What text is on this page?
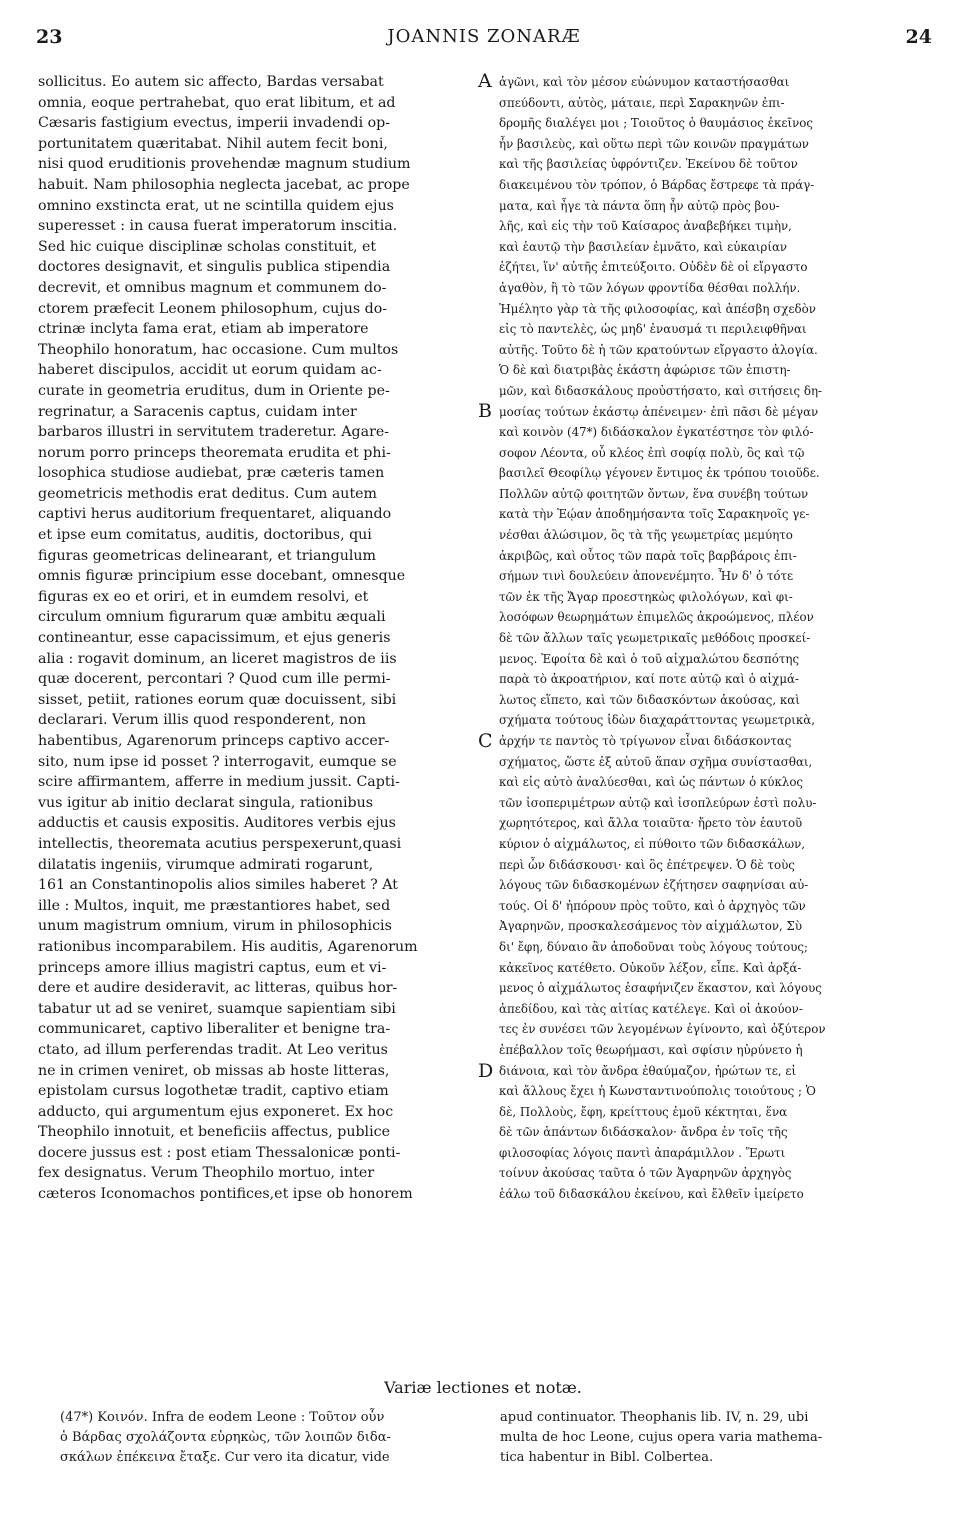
23	JOANNIS ZONARÆ	24
sollicitus. Eo autem sic affecto, Bardas versabat
omnia, eoque pertrahebat, quo erat libitum, et ad
Cæsaris fastigium evectus, imperii invadendi op-
portunitatem quæritabat. Nihil autem fecit boni,
nisi quod eruditionis provehendæ magnum studium
habuit. Nam philosophia neglecta jacebat, ac prope
omnino exstincta erat, ut ne scintilla quidem ejus
superesset : in causa fuerat imperatorum inscitia.
Sed hic cuique disciplinæ scholas constituit, et
doctores designavit, et singulis publica stipendia
decrevit, et omnibus magnum et communem do-
ctorem præfecit Leonem philosophum, cujus do-
ctrinæ inclyta fama erat, etiam ab imperatore
Theophilo honoratum, hac occasione. Cum multos
haberet discipulos, accidit ut eorum quidam ac-
curate in geometria eruditus, dum in Oriente pe-
regrinatur, a Saracenis captus, cuidam inter
barbaros illustri in servitutem traderetur. Agare-
norum porro princeps theoremata erudita et phi-
losophica studiose audiebat, præ cæteris tamen
geometricis methodis erat deditus. Cum autem
captivi herus auditorium frequentaret, aliquando
et ipse eum comitatus, auditis, doctoribus, qui
figuras geometricas delinearant, et triangulum
omnis figuræ principium esse docebant, omnesque
figuras ex eo et oriri, et in eumdem resolvi, et
circulum omnium figurarum quæ ambitu æquali
contineantur, esse capacissimum, et ejus generis
alia : rogavit dominum, an liceret magistros de iis
quæ docerent, percontari ? Quod cum ille permi-
sisset, petiit, rationes eorum quæ docuissent, sibi
declarari. Verum illis quod responderent, non
habentibus, Agarenorum princeps captivo accer-
sito, num ipse id posset ? interrogavit, eumque se
scire affirmantem, afferre in medium jussit. Capti-
vus igitur ab initio declarat singula, rationibus
adductis et causis expositis. Auditores verbis ejus
intellectis, theoremata acutius perspexerunt,quasi
dilatatis ingeniis, virumque admirati rogarunt,
161 an Constantinopolis alios similes haberet ? At
ille : Multos, inquit, me præstantiores habet, sed
unum magistrum omnium, virum in philosophicis
rationibus incomparabilem. His auditis, Agarenorum
princeps amore illius magistri captus, eum et vi-
dere et audire desideravit, ac litteras, quibus hor-
tabatur ut ad se veniret, suamque sapientiam sibi
communicaret, captivo liberaliter et benigne tra-
ctato, ad illum perferendas tradit. At Leo veritus
ne in crimen veniret, ob missas ab hoste litteras,
epistolam cursus logothetæ tradit, captivo etiam
adducto, qui argumentum ejus exponeret. Ex hoc
Theophilo innotuit, et beneficiis affectus, publice
docere jussus est : post etiam Thessalonicæ ponti-
fex designatus. Verum Theophilo mortuo, inter
cæteros Iconomachos pontifices,et ipse ob honorem
ἀγῶνι, καὶ τὸν μέσον εὐώνυμον καταστήσασθαι
σπεύδοντι, αὐτὸς, μάταιε, περὶ Σαρακηνῶν ἐπι-
δρομῆς διαλέγει μοι ; Τοιοῦτος ὁ θαυμάσιος ἐκεῖνος
ἦν βασιλεὺς, καὶ οὕτω περὶ τῶν κοινῶν πραγμάτων
καὶ τῆς βασιλείας ὑφρόντιζεν. Ἐκείνου δὲ τοῦτον
διακειμένου τὸν τρόπον, ὁ Βάρδας ἔστρεφε τὰ πράγ-
ματα, καὶ ἦγε τὰ πάντα ὅπη ἦν αὐτῷ πρὸς βου-
λῆς, καὶ εἰς τὴν τοῦ Καίσαρος ἀναβεβήκει τιμὴν,
καὶ ἑαυτῷ τὴν βασιλείαν ἐμνᾶτο, καὶ εὐκαιρίαν
ἐζήτει, ἵν' αὐτῆς ἐπιτεύξοιτο. Οὐδὲν δὲ οἱ εἴργαστο
ἀγαθὸν, ἢ τὸ τῶν λόγων φροντίδα θέσθαι πολλήν.
Ἠμέλητο γὰρ τὰ τῆς φιλοσοφίας, καὶ ἀπέσβη σχεδὸν
εἰς τὸ παντελὲς, ὡς μηδ' ἐναυσμά τι περιλειφθῆναι
αὐτῆς. Τοῦτο δὲ ἡ τῶν κρατούντων εἴργαστο ἀλογία.
Ὁ δὲ καὶ διατριβὰς ἑκάστη ἀφώρισε τῶν ἐπιστη-
μῶν, καὶ διδασκάλους προὐστήσατο, καὶ σιτήσεις δη-
μοσίας τούτων ἑκάστῳ ἀπένειμεν· ἐπὶ πᾶσι δὲ μέγαν
καὶ κοινὸν (47*) διδάσκαλον ἐγκατέστησε τὸν φιλό-
σοφον Λέοντα, οὗ κλέος ἐπὶ σοφίᾳ πολὺ, ὃς καὶ τῷ
βασιλεῖ Θεοφίλῳ γέγονεν ἔντιμος ἐκ τρόπου τοιοῦδε.
Πολλῶν αὐτῷ φοιτητῶν ὄντων, ἕνα συνέβη τούτων
κατὰ τὴν Ἑῴαν ἀποδημήσαντα τοῖς Σαρακηνοῖς γε-
νέσθαι ἁλώσιμον, ὃς τὰ τῆς γεωμετρίας μεμύητο
ἀκριβῶς, καὶ οὗτος τῶν παρὰ τοῖς βαρβάροις ἐπι-
σήμων τινὶ δουλεύειν ἀπονενέμητο. Ἦν δ' ὁ τότε
τῶν ἐκ τῆς Ἄγαρ προεστηκὼς φιλολόγων, καὶ φι-
λοσόφων θεωρημάτων ἐπιμελῶς ἀκροώμενος, πλέον
δὲ τῶν ἄλλων ταῖς γεωμετρικαῖς μεθόδοις προσκεί-
μενος. Ἐφοίτα δὲ καὶ ὁ τοῦ αἰχμαλώτου δεσπότης
παρὰ τὸ ἀκροατήριον, καί ποτε αὐτῷ καὶ ὁ αἰχμά-
λωτος εἵπετο, καὶ τῶν διδασκόντων ἀκούσας, καὶ
σχήματα τούτους ἰδὼν διαχαράττοντας γεωμετρικὰ,
ἀρχήν τε παντὸς τὸ τρίγωνον εἶναι διδάσκοντας
σχήματος, ὥστε ἐξ αὐτοῦ ἅπαν σχῆμα συνίστασθαι,
καὶ εἰς αὐτὸ ἀναλύεσθαι, καὶ ὡς πάντων ὁ κύκλος
τῶν ἰσοπεριμέτρων αὐτῷ καὶ ἰσοπλεύρων ἐστὶ πολυ-
χωρητότερος, καὶ ἄλλα τοιαῦτα· ἤρετο τὸν ἑαυτοῦ
κύριον ὁ αἰχμάλωτος, εἰ πύθοιτο τῶν διδασκάλων,
περὶ ὧν διδάσκουσι· καὶ ὃς ἐπέτρεψεν. Ὁ δὲ τοὺς
λόγους τῶν διδασκομένων ἐζήτησεν σαφηνίσαι αὐ-
τούς. Οἱ δ' ἠπόρουν πρὸς τοῦτο, καὶ ὁ ἀρχηγὸς τῶν
Ἀγαρηνῶν, προσκαλεσάμενος τὸν αἰχμάλωτον, Σὺ
δι' ἔφη, δύναιο ἂν ἀποδοῦναι τοὺς λόγους τούτους;
κἀκεῖνος κατέθετο. Οὐκοῦν λέξον, εἶπε. Καὶ ἀρξά-
μενος ὁ αἰχμάλωτος ἐσαφήνιζεν ἕκαστον, καὶ λόγους
ἀπεδίδου, καὶ τὰς αἰτίας κατέλεγε. Καὶ οἱ ἀκούον-
τες ἐν συνέσει τῶν λεγομένων ἐγίνοντο, καὶ ὀξύτερον
ἐπέβαλλον τοῖς θεωρήμασι, καὶ σφίσιν ηὐρύνετο ἡ
διάνοια, καὶ τὸν ἄνδρα ἐθαύμαζον, ἠρώτων τε, εἰ
καὶ ἄλλους ἔχει ἡ Κωνσταντινούπολις τοιούτους ; Ὁ
δὲ, Πολλοὺς, ἔφη, κρείττους ἐμοῦ κέκτηται, ἕνα
δὲ τῶν ἁπάντων διδάσκαλον· ἄνδρα ἐν τοῖς τῆς
φιλοσοφίας λόγοις παντὶ ἀπαράμιλλον . Ἔρωτι
τοίνυν ἀκούσας ταῦτα ὁ τῶν Ἀγαρηνῶν ἀρχηγὸς
ἑάλω τοῦ διδασκάλου ἐκείνου, καὶ ἔλθεῖν ἱμείρετο
A
B
C
D
Variæ lectiones et notæ.
(47*) Κοινόν. Infra de eodem Leone : Τοῦτον οὖν
ὁ Βάρδας σχολάζοντα εὑρηκὼς, τῶν λοιπῶν διδα-
σκάλων ἐπέκεινα ἔταξε. Cur vero ita dicatur, vide
apud continuator. Theophanis lib. IV, n. 29, ubi
multa de hoc Leone, cujus opera varia mathema-
tica habentur in Bibl. Colbertea.
